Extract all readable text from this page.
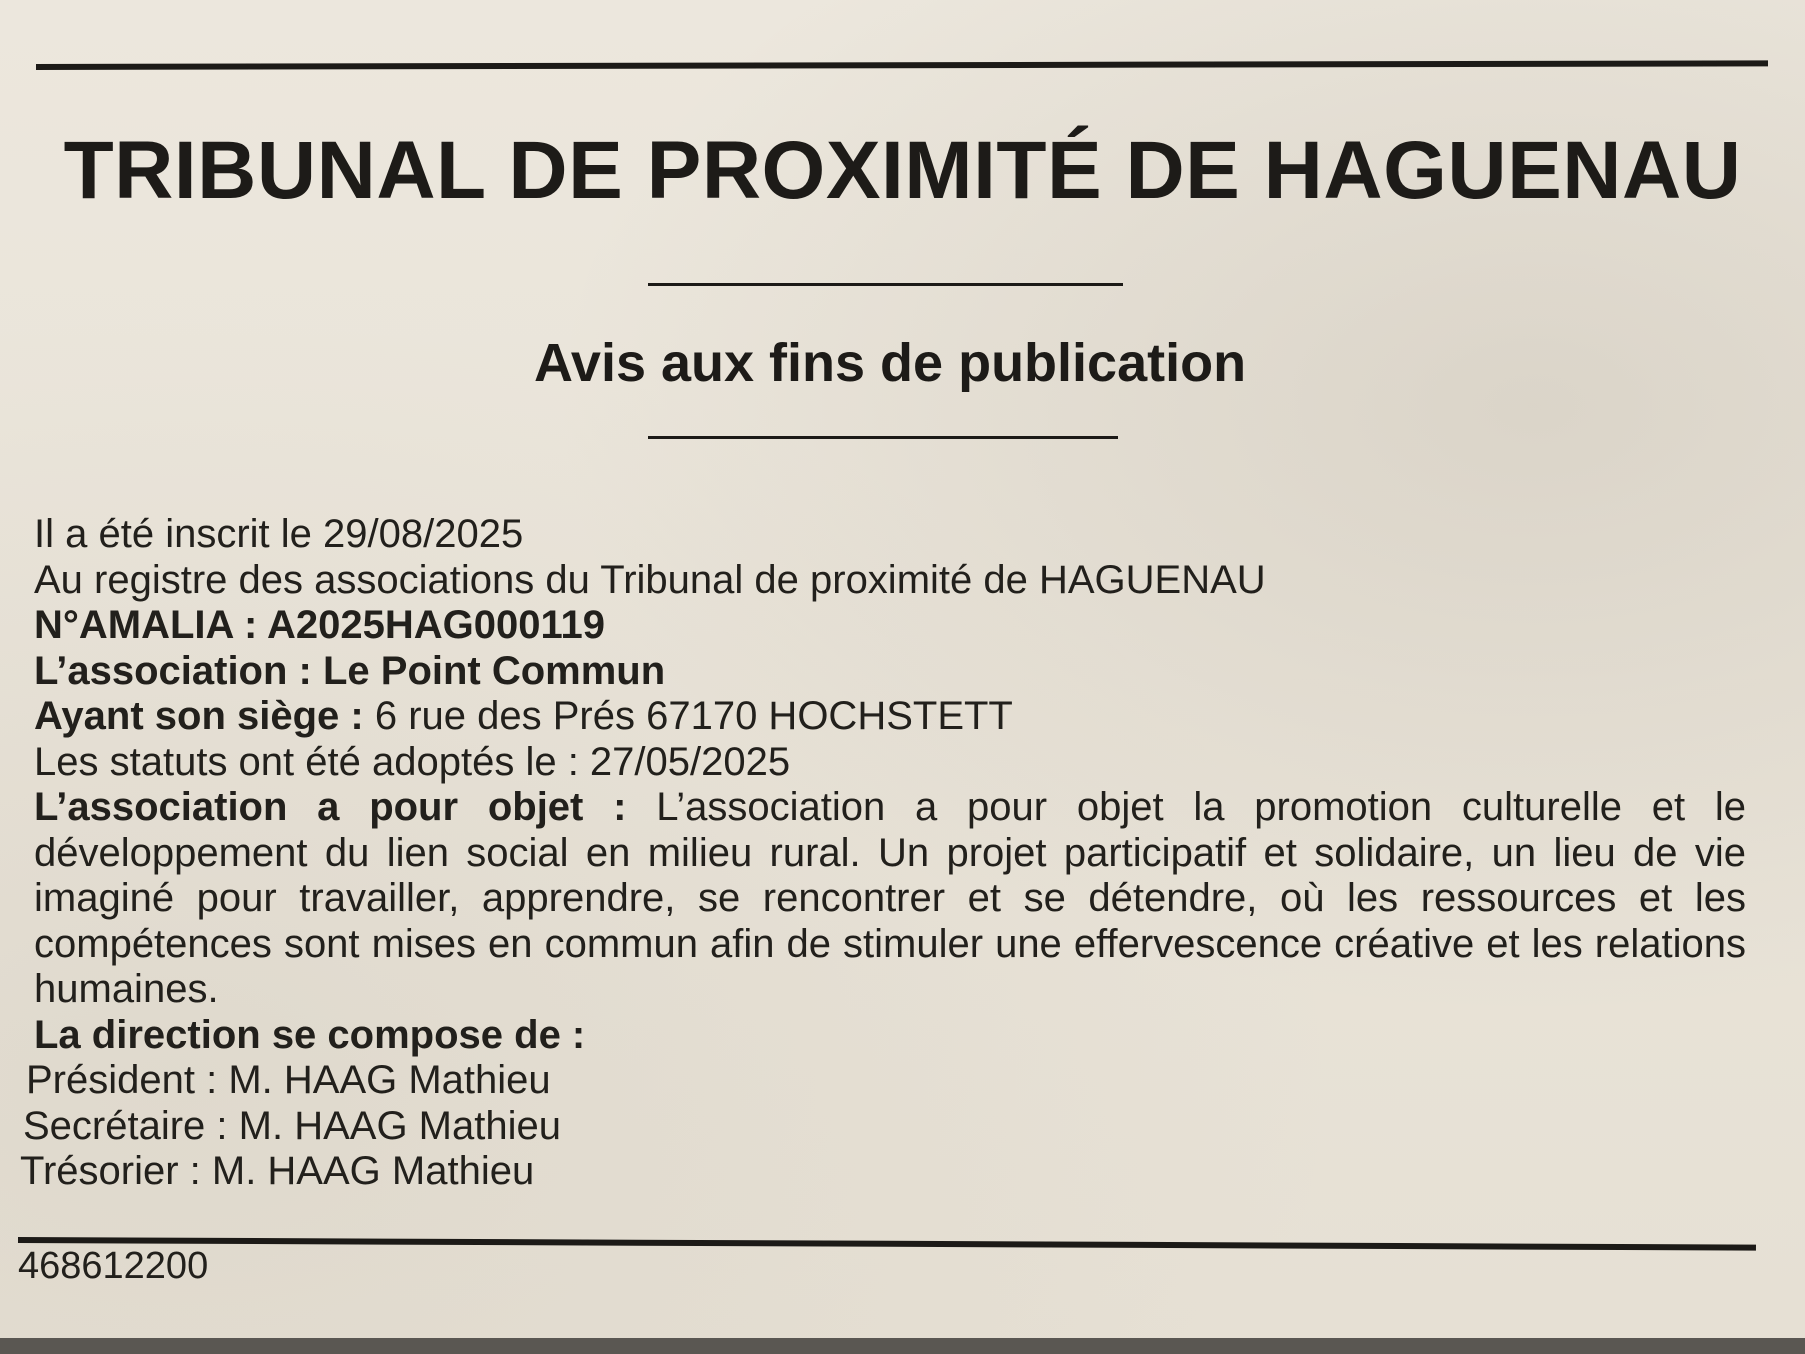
TRIBUNAL DE PROXIMITÉ DE HAGUENAU
Avis aux fins de publication
Il a été inscrit le 29/08/2025
Au registre des associations du Tribunal de proximité de HAGUENAU
N°AMALIA : A2025HAG000119
L’association : Le Point Commun
Ayant son siège : 6 rue des Prés 67170 HOCHSTETT
Les statuts ont été adoptés le : 27/05/2025
L’association a pour objet : L’association a pour objet la promotion culturelle et le développement du lien social en milieu rural. Un projet participatif et solidaire, un lieu de vie imaginé pour travailler, apprendre, se rencontrer et se détendre, où les ressources et les compétences sont mises en commun afin de stimuler une effervescence créative et les relations humaines.
La direction se compose de :
Président : M. HAAG Mathieu
Secrétaire : M. HAAG Mathieu
Trésorier : M. HAAG Mathieu
468612200
